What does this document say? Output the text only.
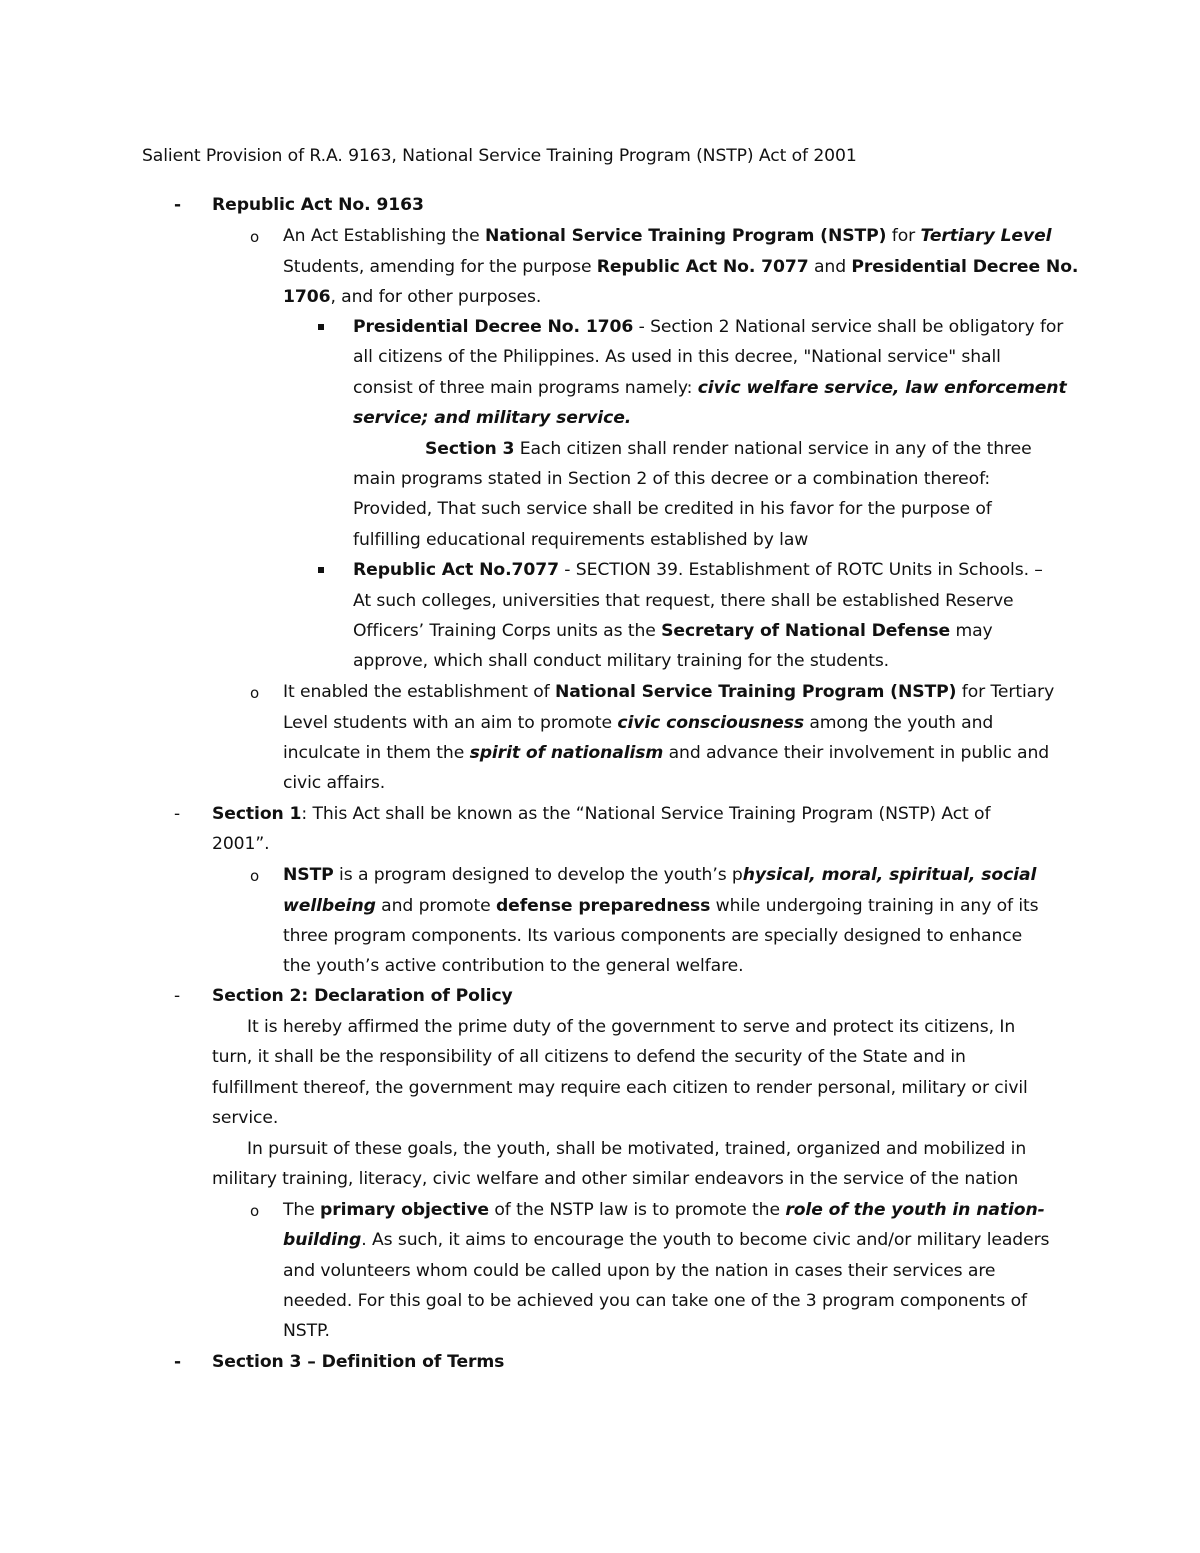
Salient Provision of R.A. 9163, National Service Training Program (NSTP) Act of 2001
- Republic Act No. 9163
o An Act Establishing the National Service Training Program (NSTP) for Tertiary Level
Students, amending for the purpose Republic Act No. 7077 and Presidential Decree No.
1706, and for other purposes.
Presidential Decree No. 1706 - Section 2 National service shall be obligatory for
all citizens of the Philippines. As used in this decree, "National service" shall
consist of three main programs namely: civic welfare service, law enforcement
service; and military service.
Section 3 Each citizen shall render national service in any of the three
main programs stated in Section 2 of this decree or a combination thereof:
Provided, That such service shall be credited in his favor for the purpose of
fulfilling educational requirements established by law
Republic Act No.7077 - SECTION 39. Establishment of ROTC Units in Schools. –
At such colleges, universities that request, there shall be established Reserve
Officers’ Training Corps units as the Secretary of National Defense may
approve, which shall conduct military training for the students.
o It enabled the establishment of National Service Training Program (NSTP) for Tertiary
Level students with an aim to promote civic consciousness among the youth and
inculcate in them the spirit of nationalism and advance their involvement in public and
civic affairs.
- Section 1: This Act shall be known as the “National Service Training Program (NSTP) Act of
2001”.
o NSTP is a program designed to develop the youth’s physical, moral, spiritual, social
wellbeing and promote defense preparedness while undergoing training in any of its
three program components. Its various components are specially designed to enhance
the youth’s active contribution to the general welfare.
- Section 2: Declaration of Policy
It is hereby affirmed the prime duty of the government to serve and protect its citizens, In
turn, it shall be the responsibility of all citizens to defend the security of the State and in
fulfillment thereof, the government may require each citizen to render personal, military or civil
service.
In pursuit of these goals, the youth, shall be motivated, trained, organized and mobilized in
military training, literacy, civic welfare and other similar endeavors in the service of the nation
o The primary objective of the NSTP law is to promote the role of the youth in nation-
building. As such, it aims to encourage the youth to become civic and/or military leaders
and volunteers whom could be called upon by the nation in cases their services are
needed. For this goal to be achieved you can take one of the 3 program components of
NSTP.
- Section 3 – Definition of Terms
